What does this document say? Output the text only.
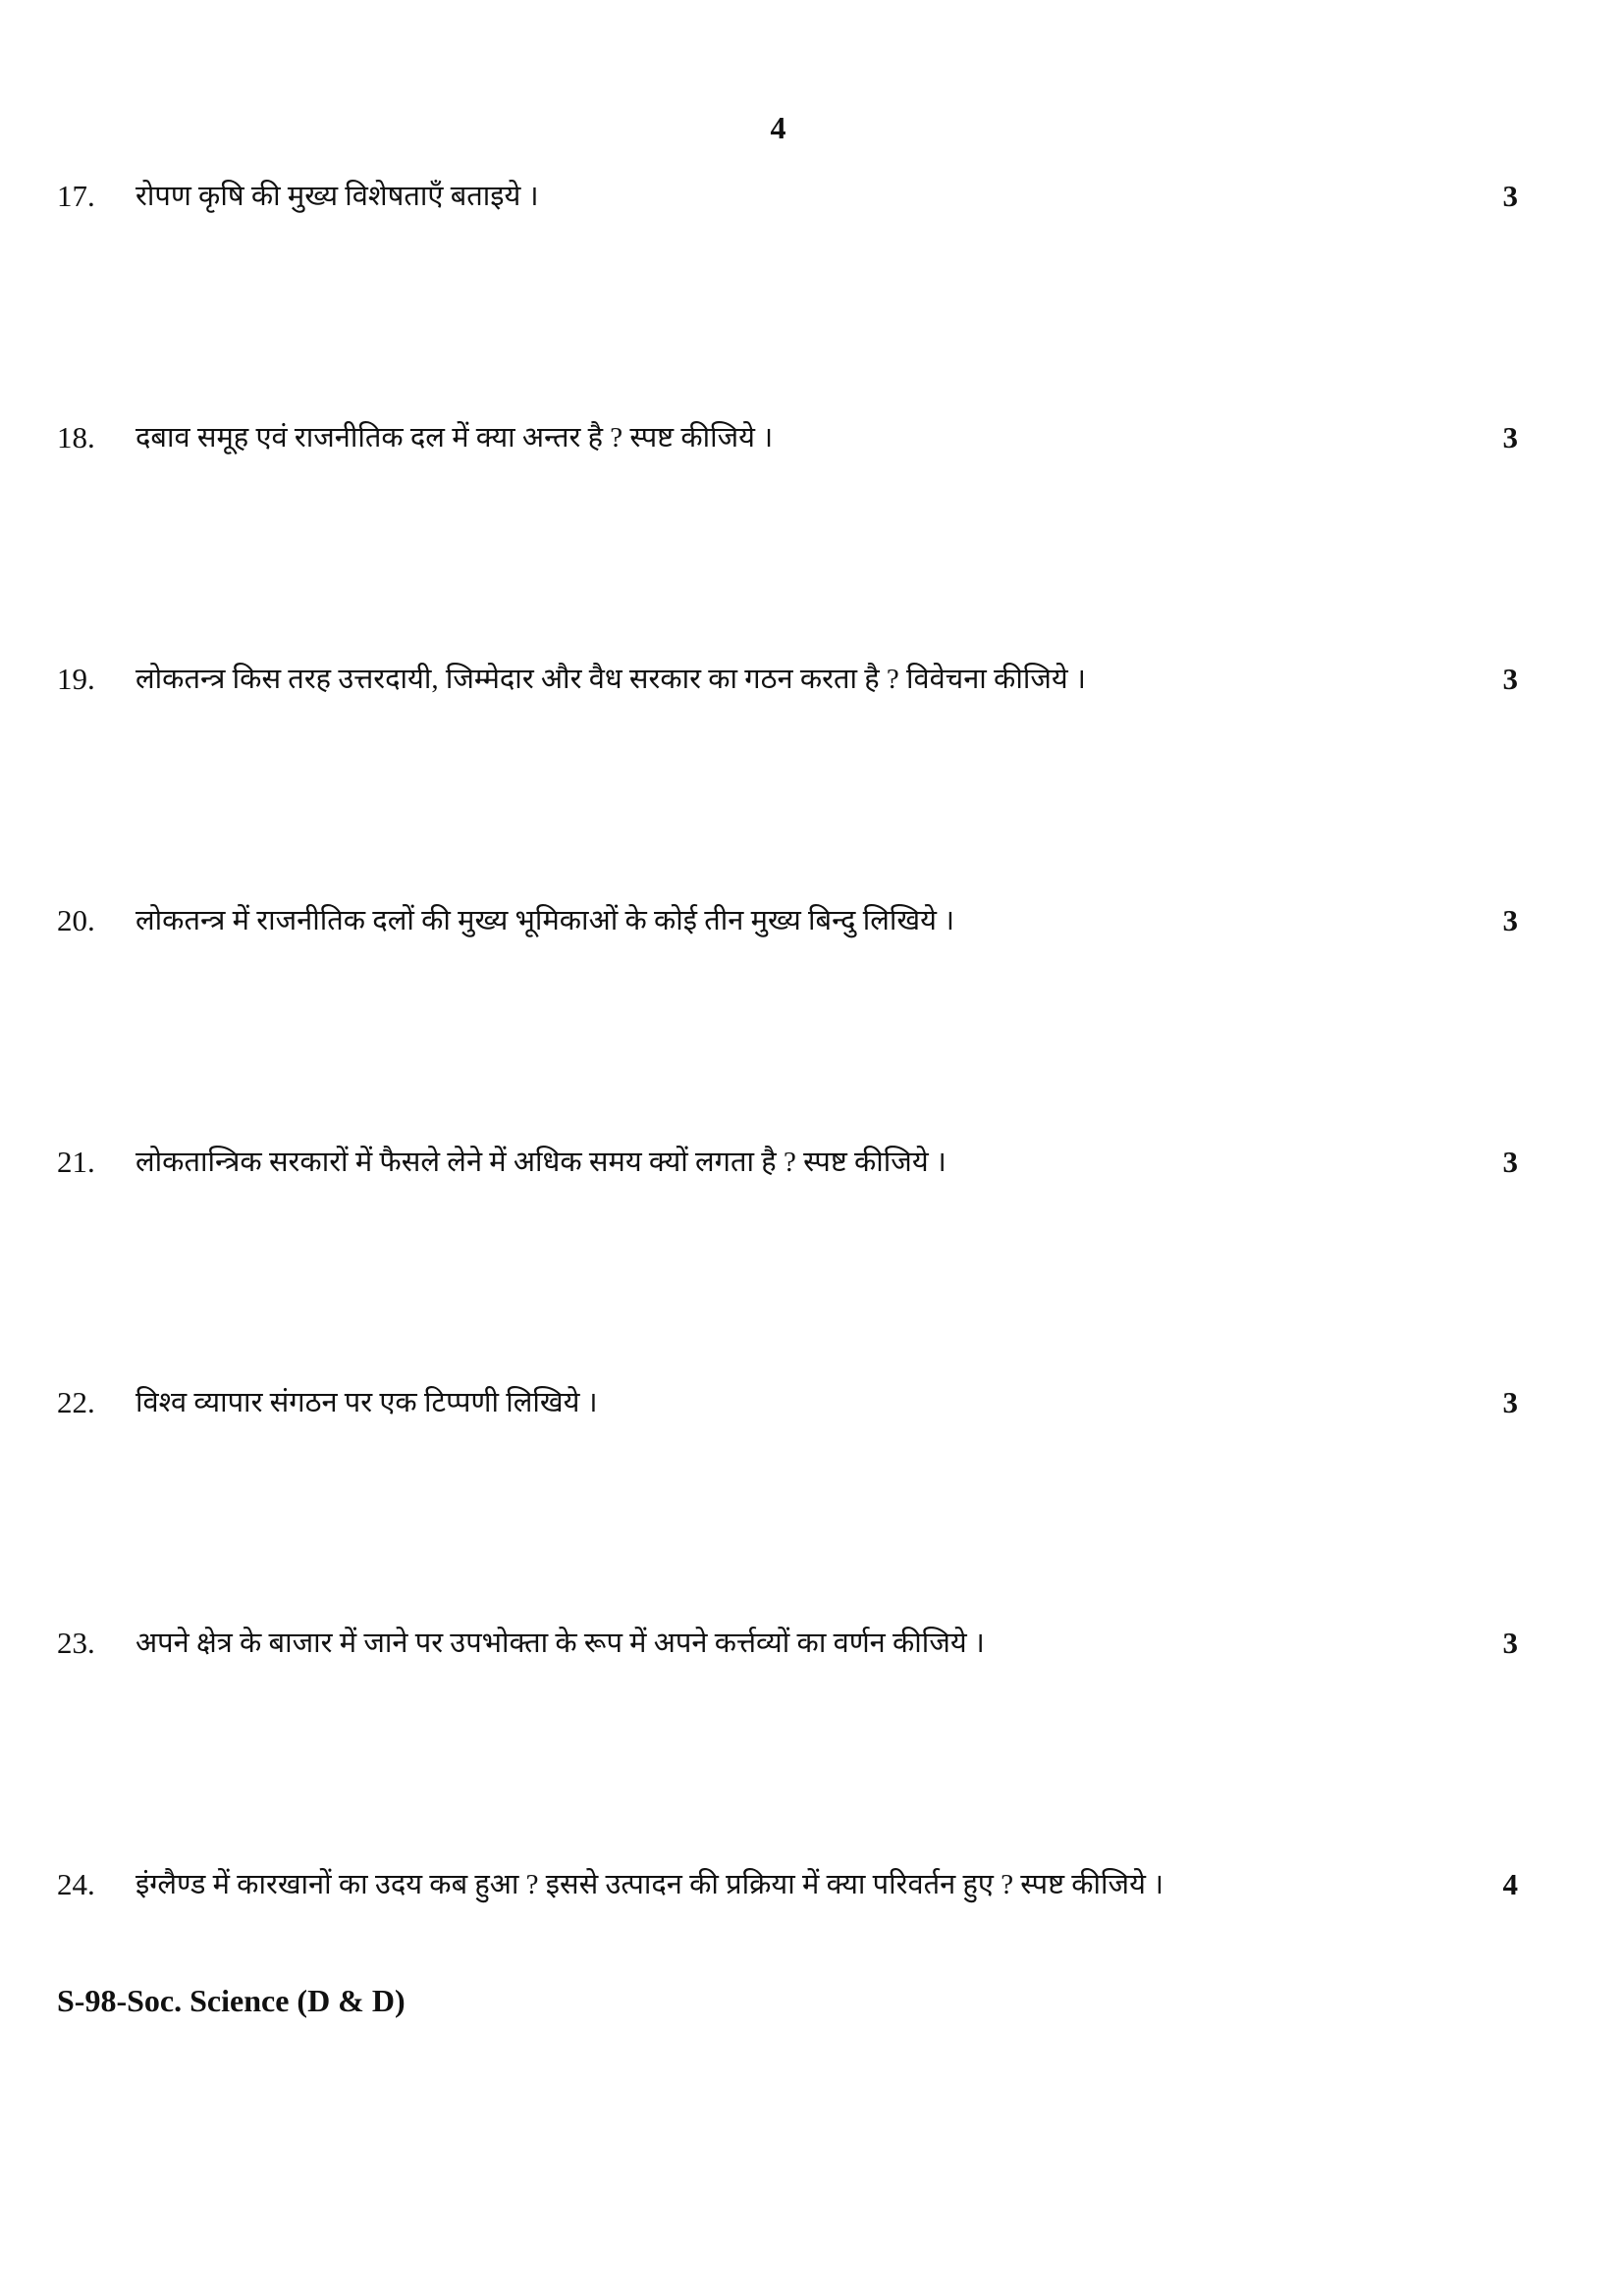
4
17. रोपण कृषि की मुख्य विशेषताएँ बताइये ।	3
18. दबाव समूह एवं राजनीतिक दल में क्या अन्तर है ? स्पष्ट कीजिये ।	3
19. लोकतन्त्र किस तरह उत्तरदायी, जिम्मेदार और वैध सरकार का गठन करता है ? विवेचना कीजिये ।	3
20. लोकतन्त्र में राजनीतिक दलों की मुख्य भूमिकाओं के कोई तीन मुख्य बिन्दु लिखिये ।	3
21. लोकतान्त्रिक सरकारों में फैसले लेने में अधिक समय क्यों लगता है ? स्पष्ट कीजिये ।	3
22. विश्व व्यापार संगठन पर एक टिप्पणी लिखिये ।	3
23. अपने क्षेत्र के बाजार में जाने पर उपभोक्ता के रूप में अपने कर्त्तव्यों का वर्णन कीजिये ।	3
24. इंग्लैण्ड में कारखानों का उदय कब हुआ ? इससे उत्पादन की प्रक्रिया में क्या परिवर्तन हुए ? स्पष्ट कीजिये ।	4
S-98-Soc. Science (D & D)
